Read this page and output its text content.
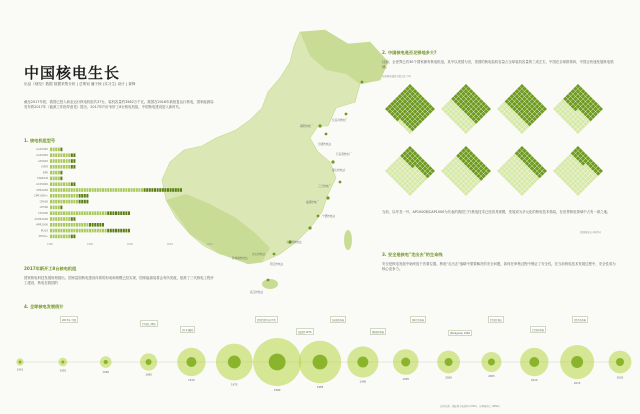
中国核电生长
出品《财经》数据 数据采集分析 | 总策划 潘子桢 (实习生) 设计 | 姜锋
截至2017年底，我国已投入商业运行核电机组共37台，装机容量约3582万千瓦。我国在2016年新批复运行核电，国家能源局发布的2017年《能源工作指导意见》提出，2017年内计划开工8台核电机组，中国核电建设进入新时代。
红沿河核电厂
田湾核电站
海阳核电厂
石岛湾核电厂
秦山核电站
三门核电厂
福清核电厂
宁德核电站
台山核电站
大亚湾核电站
阳江核电站
防城港核电站
昌江核电站
1. 核电机组型号
CAP1400
CAP1000
AP1000
VVER
EPR
CANDU6
ACP1000
CPR1000
CPR1000+
CP600
CP300
CP1000
ACPR1000
HPR1000
M310
M310+
1985	1990	2000	2010	2015
2017年新开工8台核电机组
国家核电科技发展规划指出，国家层面核电建设体系的形成和规模已经实现，国家能源局将会有所发展，批准了三代核电工程开工建设，核电在我国的
2. 中国核电是否足够地多大?
目前，全世界已有30个国家拥有核电机组，其中以美国为首，美国的核电装机容量占全球装机容量的三成左右，中国在全球排第四，中国正快速发展核电领域。
各国核电装机容量占比 (%)
当前，以华龙一号、AP1000和CAP1000为代表的我国三代核电技术已经初具规模，发展成为多元化的核电技术格局，在世界核电领域中占有一席之地。
我国核电占全球(%)
3. 安全是核电"走出去"的生命线
安全是核电发展中始终放于首要位置。核电"走出去"战略中需要解决的安全问题，如何在审核过程中保证了安全性，在当前核电技术发展过程中，安全性成为核心竞争力。
4. 全球核电发展统计
1951	1955	1960
1965
1970
1975
1980
1985
1990
1995	2000	2005
2010
2015
2020
2017年 中国
[美国]三哩岛
[日本]福岛
[苏联]切尔诺贝利
[法国] 1974
[英国] 核电
[韩国] 核电
[印度] 核电
[Paraguay] 1984
[中国] 秦山
[美国] 核电
[巴西] 核电
资料来源：国际原子能机构 (IAEA)、世界核协会 (WNA)
